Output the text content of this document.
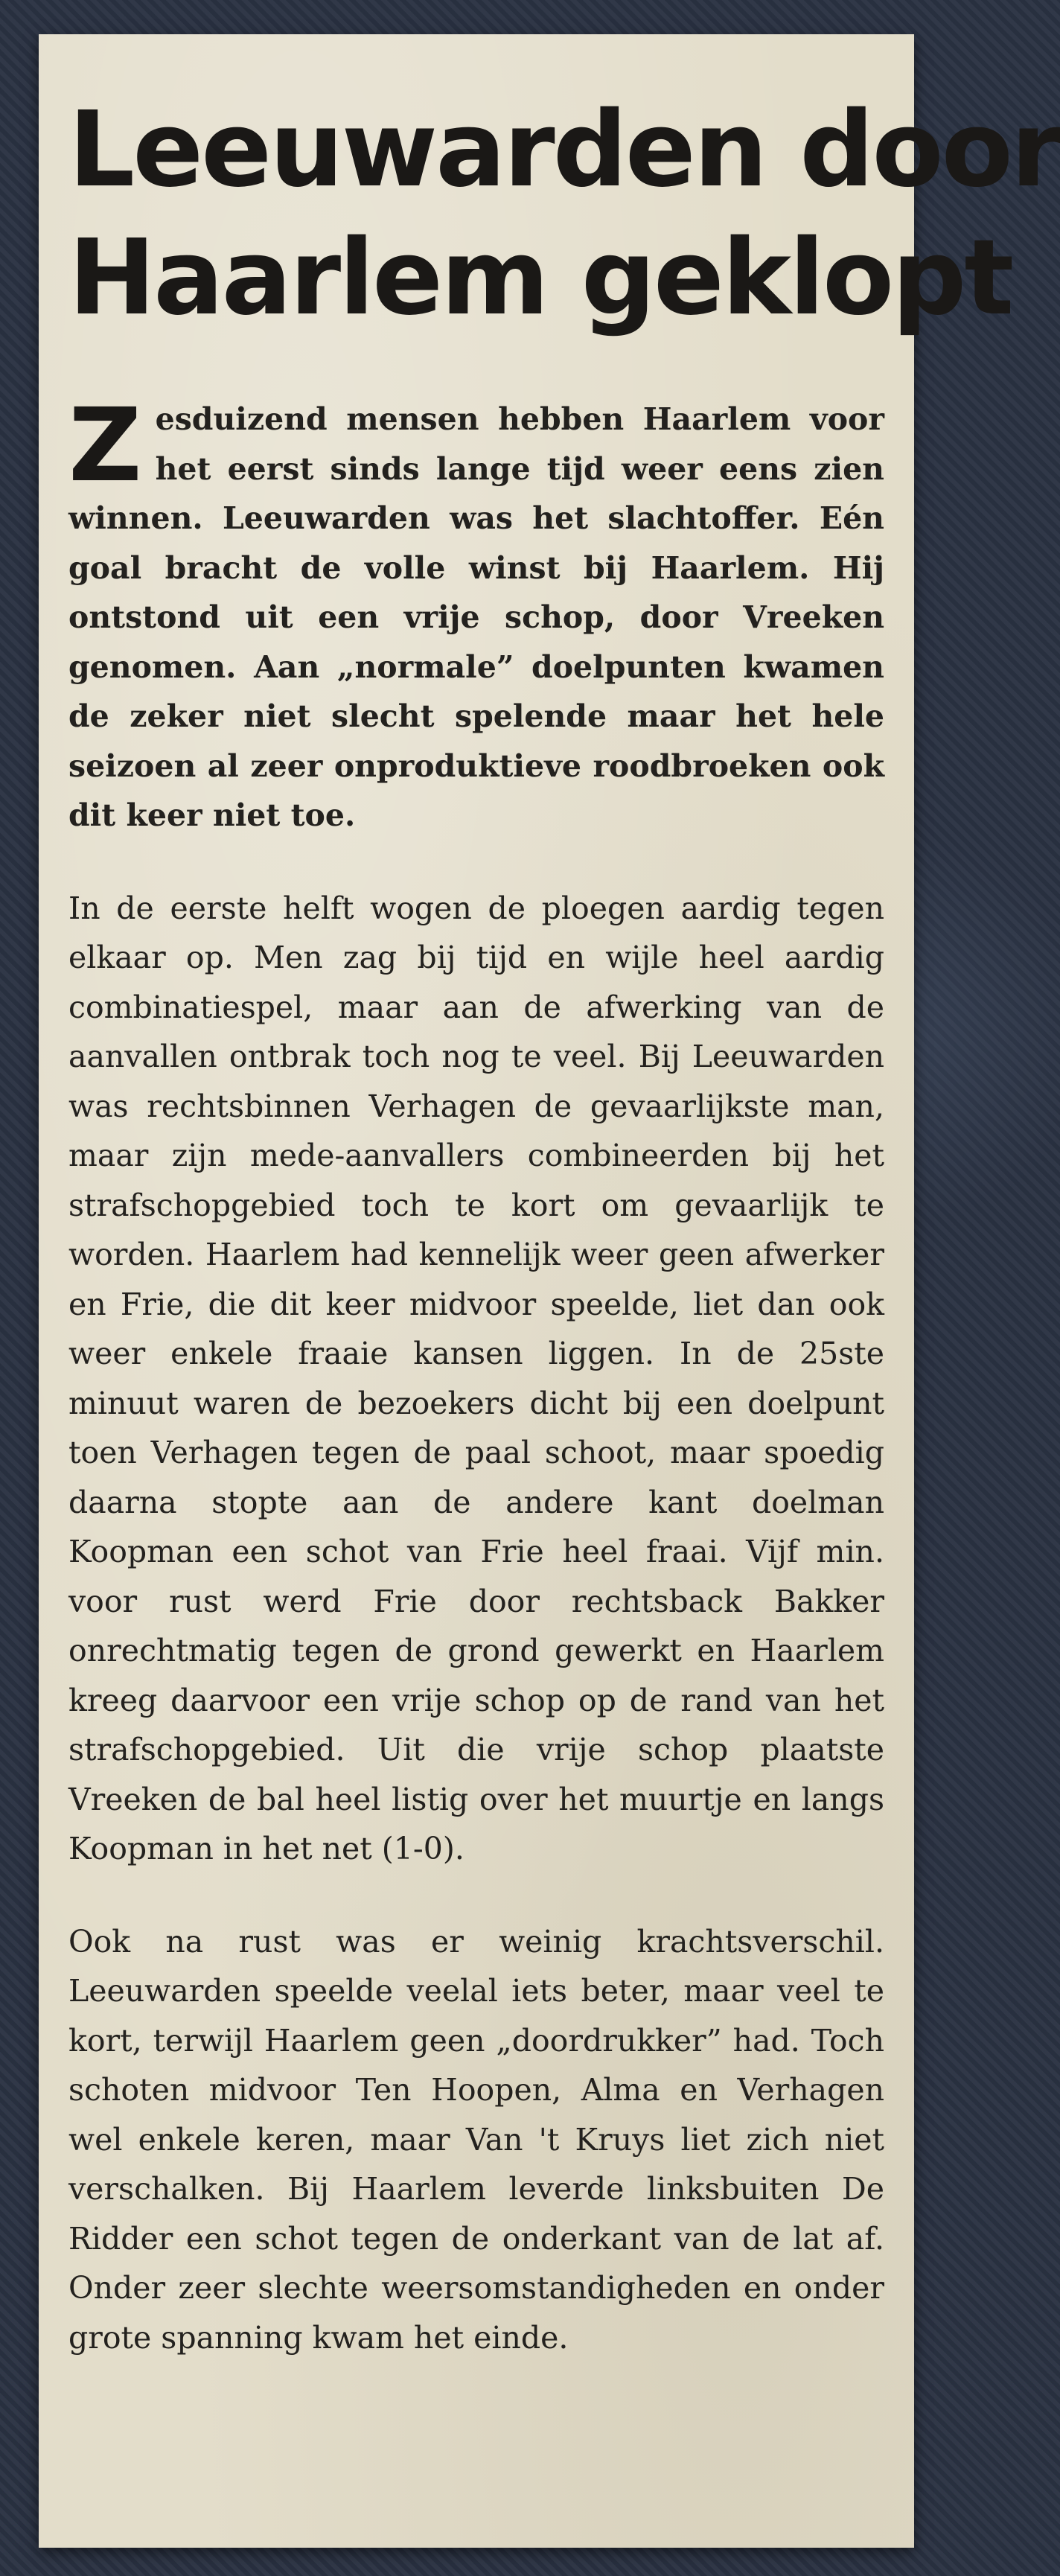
Leeuwarden door
Haarlem geklopt

Zesduizend mensen hebben Haarlem voor het eerst sinds lange tijd weer eens zien winnen. Leeuwarden was het slachtoffer. Eén goal bracht de volle winst bij Haarlem. Hij ontstond uit een vrije schop, door Vreeken genomen. Aan „normale” doelpunten kwamen de zeker niet slecht spelende maar het hele seizoen al zeer onproduktieve roodbroeken ook dit keer niet toe.

In de eerste helft wogen de ploegen aardig tegen elkaar op. Men zag bij tijd en wijle heel aardig combinatiespel, maar aan de afwerking van de aanvallen ontbrak toch nog te veel. Bij Leeuwarden was rechtsbinnen Verhagen de gevaarlijkste man, maar zijn mede-aanvallers combineerden bij het strafschopgebied toch te kort om gevaarlijk te worden. Haarlem had kennelijk weer geen afwerker en Frie, die dit keer midvoor speelde, liet dan ook weer enkele fraaie kansen liggen. In de 25ste minuut waren de bezoekers dicht bij een doelpunt toen Verhagen tegen de paal schoot, maar spoedig daarna stopte aan de andere kant doelman Koopman een schot van Frie heel fraai. Vijf min. voor rust werd Frie door rechtsback Bakker onrechtmatig tegen de grond gewerkt en Haarlem kreeg daarvoor een vrije schop op de rand van het strafschopgebied. Uit die vrije schop plaatste Vreeken de bal heel listig over het muurtje en langs Koopman in het net (1-0).

Ook na rust was er weinig krachtsverschil. Leeuwarden speelde veelal iets beter, maar veel te kort, terwijl Haarlem geen „doordrukker” had. Toch schoten midvoor Ten Hoopen, Alma en Verhagen wel enkele keren, maar Van 't Kruys liet zich niet verschalken. Bij Haarlem leverde linksbuiten De Ridder een schot tegen de onderkant van de lat af. Onder zeer slechte weersomstandigheden en onder grote spanning kwam het einde.
